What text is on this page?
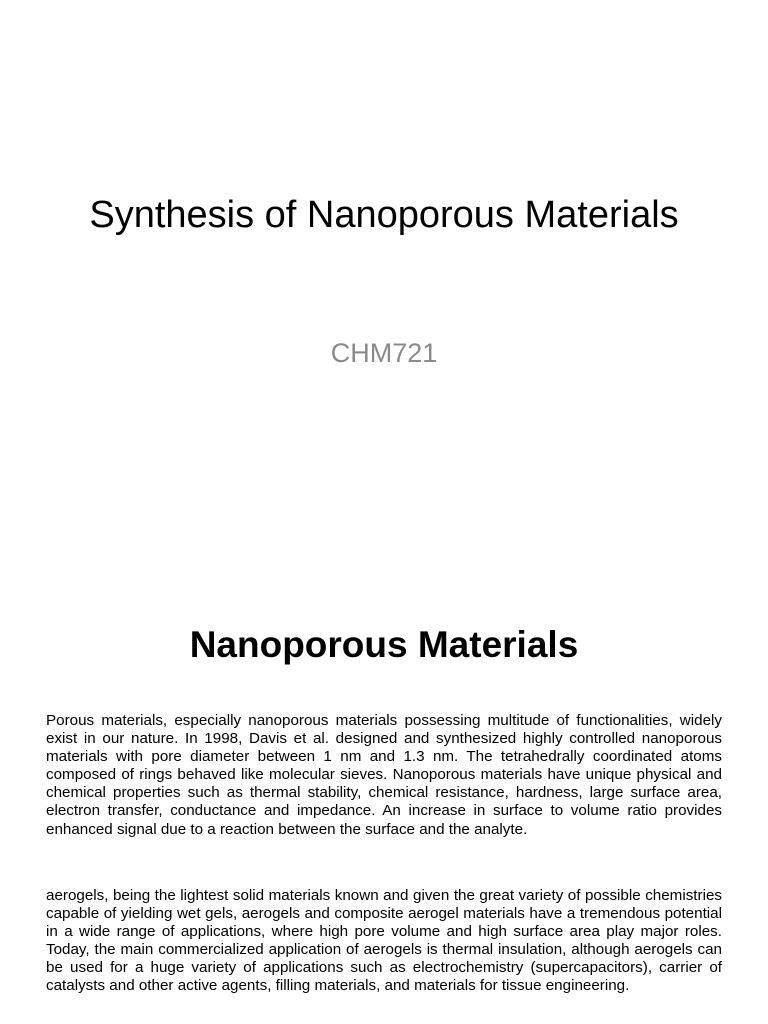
Synthesis of Nanoporous Materials
CHM721
Nanoporous Materials

Porous materials, especially nanoporous materials possessing multitude of functionalities, widely exist in our nature. In 1998, Davis et al. designed and synthesized highly controlled nanoporous materials with pore diameter between 1 nm and 1.3 nm. The tetrahedrally coordinated atoms composed of rings behaved like molecular sieves. Nanoporous materials have unique physical and chemical properties such as thermal stability, chemical resistance, hardness, large surface area, electron transfer, conductance and impedance. An increase in surface to volume ratio provides enhanced signal due to a reaction between the surface and the analyte.

aerogels, being the lightest solid materials known and given the great variety of possible chemistries capable of yielding wet gels, aerogels and composite aerogel materials have a tremendous potential in a wide range of applications, where high pore volume and high surface area play major roles. Today, the main commercialized application of aerogels is thermal insulation, although aerogels can be used for a huge variety of applications such as electrochemistry (supercapacitors), carrier of catalysts and other active agents, filling materials, and materials for tissue engineering.
